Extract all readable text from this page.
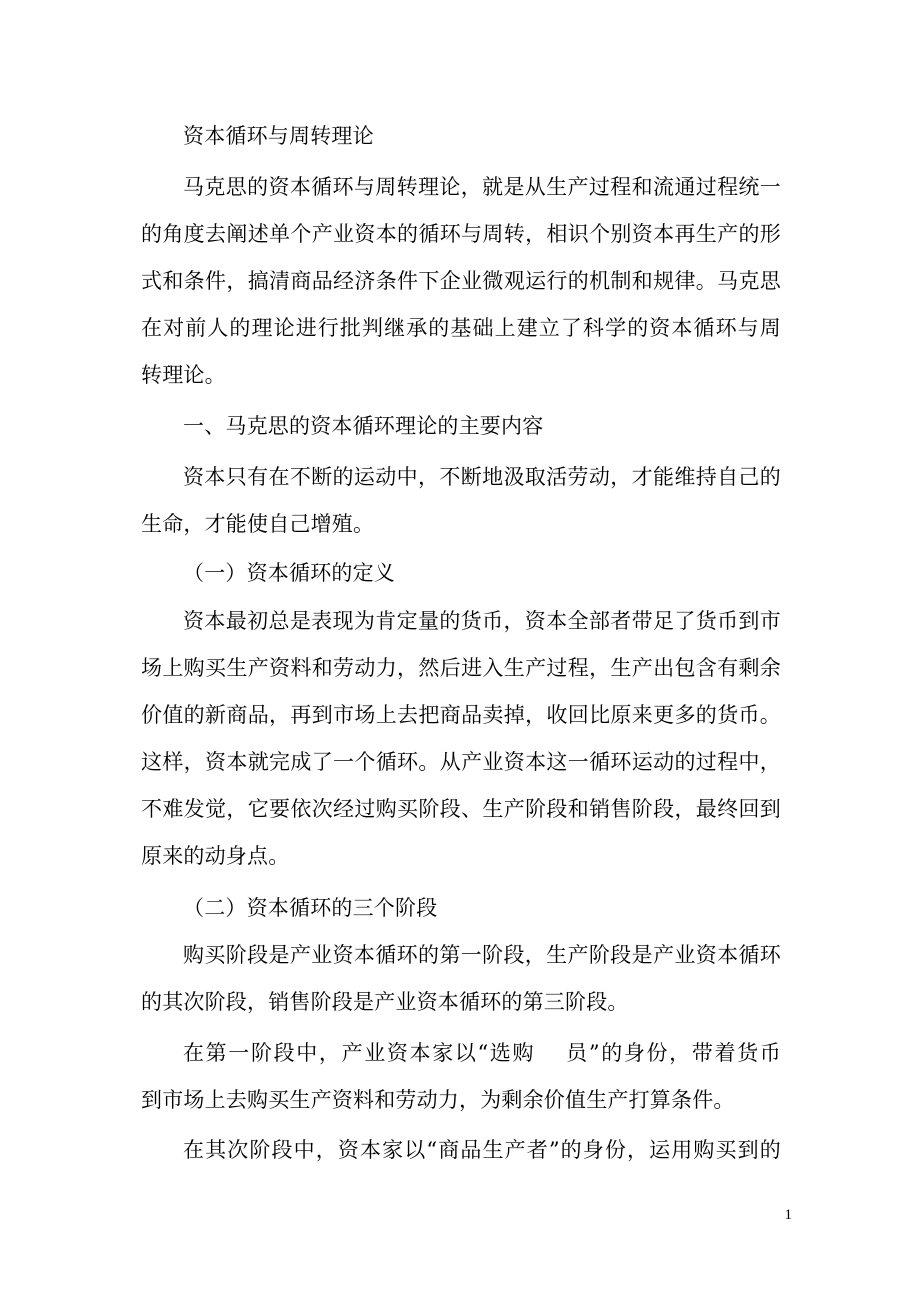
资本循环与周转理论
马克思的资本循环与周转理论，就是从生产过程和流通过程统一
的角度去阐述单个产业资本的循环与周转，相识个别资本再生产的形
式和条件，搞清商品经济条件下企业微观运行的机制和规律。马克思
在对前人的理论进行批判继承的基础上建立了科学的资本循环与周
转理论。
一、马克思的资本循环理论的主要内容
资本只有在不断的运动中，不断地汲取活劳动，才能维持自己的
生命，才能使自己增殖。
（一）资本循环的定义
资本最初总是表现为肯定量的货币，资本全部者带足了货币到市
场上购买生产资料和劳动力，然后进入生产过程，生产出包含有剩余
价值的新商品，再到市场上去把商品卖掉，收回比原来更多的货币。
这样，资本就完成了一个循环。从产业资本这一循环运动的过程中，
不难发觉，它要依次经过购买阶段、生产阶段和销售阶段，最终回到
原来的动身点。
（二）资本循环的三个阶段
购买阶段是产业资本循环的第一阶段，生产阶段是产业资本循环
的其次阶段，销售阶段是产业资本循环的第三阶段。
在第一阶段中，产业资本家以“选购　 员”的身份，带着货币
到市场上去购买生产资料和劳动力，为剩余价值生产打算条件。
在其次阶段中，资本家以“商品生产者”的身份，运用购买到的
1
